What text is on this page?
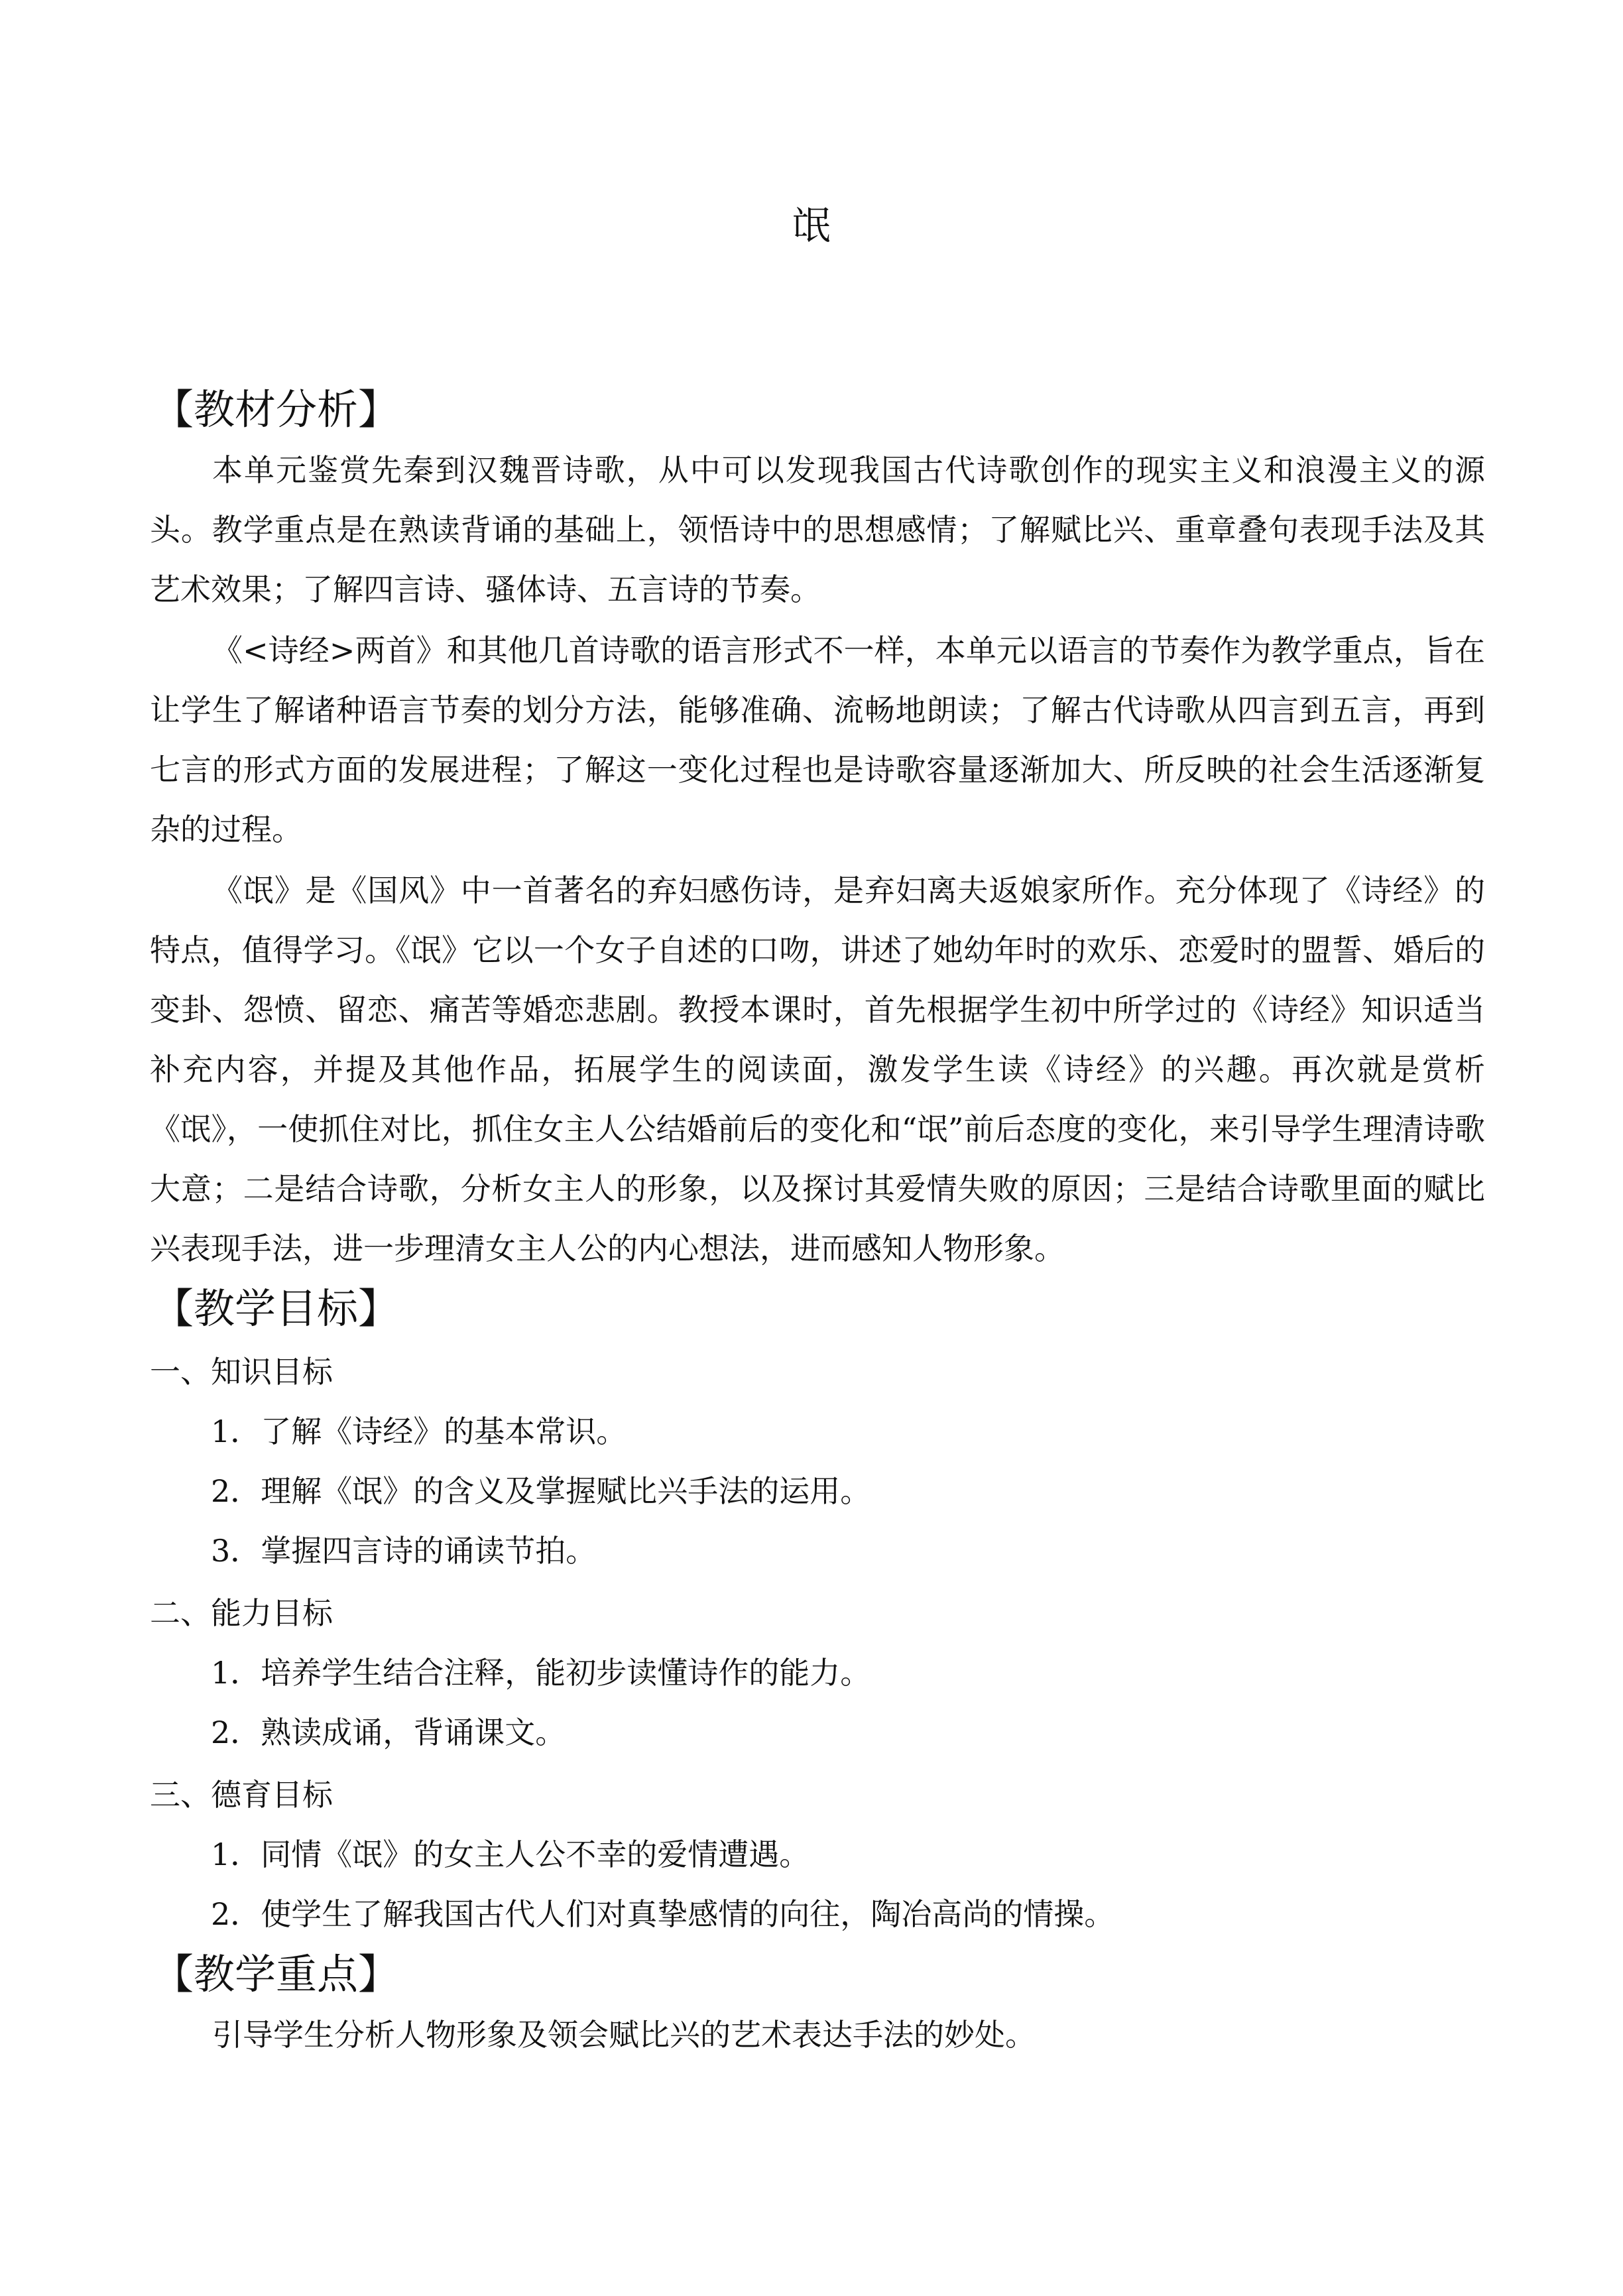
氓
【教材分析】

本单元鉴赏先秦到汉魏晋诗歌，从中可以发现我国古代诗歌创作的现实主义和浪漫主义的源头。教学重点是在熟读背诵的基础上，领悟诗中的思想感情；了解赋比兴、重章叠句表现手法及其艺术效果；了解四言诗、骚体诗、五言诗的节奏。

《<诗经>两首》和其他几首诗歌的语言形式不一样，本单元以语言的节奏作为教学重点，旨在让学生了解诸种语言节奏的划分方法，能够准确、流畅地朗读；了解古代诗歌从四言到五言，再到七言的形式方面的发展进程；了解这一变化过程也是诗歌容量逐渐加大、所反映的社会生活逐渐复杂的过程。

《氓》是《国风》中一首著名的弃妇感伤诗，是弃妇离夫返娘家所作。充分体现了《诗经》的特点，值得学习。《氓》它以一个女子自述的口吻，讲述了她幼年时的欢乐、恋爱时的盟誓、婚后的变卦、怨愤、留恋、痛苦等婚恋悲剧。教授本课时，首先根据学生初中所学过的《诗经》知识适当补充内容，并提及其他作品，拓展学生的阅读面，激发学生读《诗经》的兴趣。再次就是赏析《氓》，一使抓住对比，抓住女主人公结婚前后的变化和“氓”前后态度的变化，来引导学生理清诗歌大意；二是结合诗歌，分析女主人的形象，以及探讨其爱情失败的原因；三是结合诗歌里面的赋比兴表现手法，进一步理清女主人公的内心想法，进而感知人物形象。

【教学目标】
一、知识目标
1．了解《诗经》的基本常识。
2．理解《氓》的含义及掌握赋比兴手法的运用。
3．掌握四言诗的诵读节拍。
二、能力目标
1．培养学生结合注释，能初步读懂诗作的能力。
2．熟读成诵，背诵课文。
三、德育目标
1．同情《氓》的女主人公不幸的爱情遭遇。
2．使学生了解我国古代人们对真挚感情的向往，陶冶高尚的情操。
【教学重点】

引导学生分析人物形象及领会赋比兴的艺术表达手法的妙处。
